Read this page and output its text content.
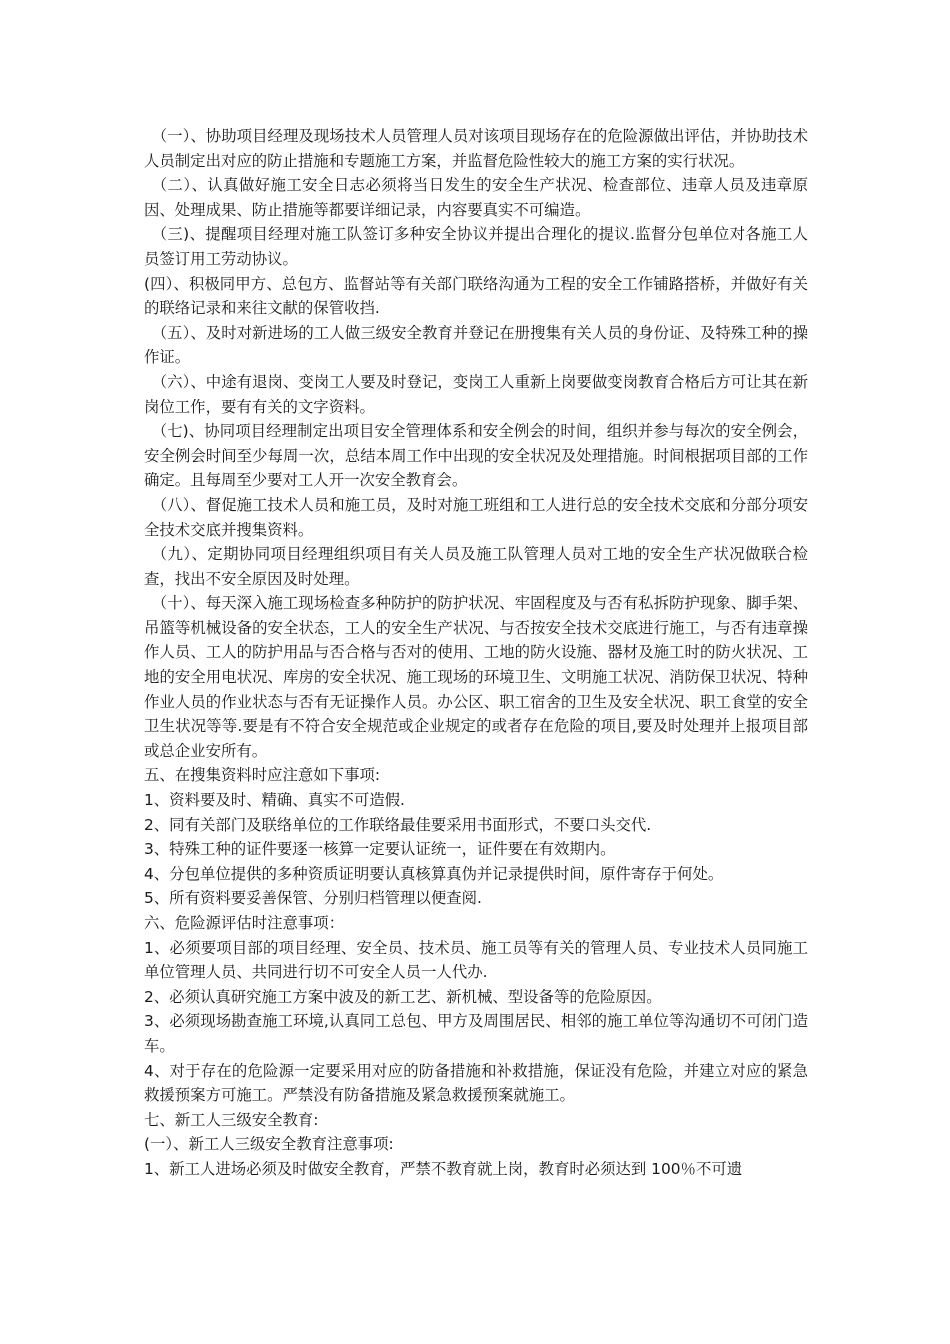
（一）、协助项目经理及现场技术人员管理人员对该项目现场存在的危险源做出评估，并协助技术人员制定出对应的防止措施和专题施工方案，并监督危险性较大的施工方案的实行状况。

（二）、认真做好施工安全日志必须将当日发生的安全生产状况、检查部位、违章人员及违章原因、处理成果、防止措施等都要详细记录，内容要真实不可编造。

（三)、提醒项目经理对施工队签订多种安全协议并提出合理化的提议.监督分包单位对各施工人员签订用工劳动协议。

(四）、积极同甲方、总包方、监督站等有关部门联络沟通为工程的安全工作铺路搭桥，并做好有关的联络记录和来往文献的保管收挡.

（五）、及时对新进场的工人做三级安全教育并登记在册搜集有关人员的身份证、及特殊工种的操作证。

（六）、中途有退岗、变岗工人要及时登记，变岗工人重新上岗要做变岗教育合格后方可让其在新岗位工作，要有有关的文字资料。

（七)、协同项目经理制定出项目安全管理体系和安全例会的时间，组织并参与每次的安全例会，安全例会时间至少每周一次，总结本周工作中出现的安全状况及处理措施。时间根据项目部的工作确定。且每周至少要对工人开一次安全教育会。

（八）、督促施工技术人员和施工员，及时对施工班组和工人进行总的安全技术交底和分部分项安全技术交底并搜集资料。

（九）、定期协同项目经理组织项目有关人员及施工队管理人员对工地的安全生产状况做联合检查，找出不安全原因及时处理。

（十）、每天深入施工现场检查多种防护的防护状况、牢固程度及与否有私拆防护现象、脚手架、吊篮等机械设备的安全状态，工人的安全生产状况、与否按安全技术交底进行施工，与否有违章操作人员、工人的防护用品与否合格与否对的使用、工地的防火设施、器材及施工时的防火状况、工地的安全用电状况、库房的安全状况、施工现场的环境卫生、文明施工状况、消防保卫状况、特种作业人员的作业状态与否有无证操作人员。办公区、职工宿舍的卫生及安全状况、职工食堂的安全卫生状况等等.要是有不符合安全规范或企业规定的或者存在危险的项目,要及时处理并上报项目部或总企业安所有。

五、在搜集资料时应注意如下事项:

1、资料要及时、精确、真实不可造假.

2、同有关部门及联络单位的工作联络最佳要采用书面形式，不要口头交代.

3、特殊工种的证件要逐一核算一定要认证统一，证件要在有效期内。

4、分包单位提供的多种资质证明要认真核算真伪并记录提供时间，原件寄存于何处。

5、所有资料要妥善保管、分别归档管理以便查阅.

六、危险源评估时注意事项：

1、必须要项目部的项目经理、安全员、技术员、施工员等有关的管理人员、专业技术人员同施工单位管理人员、共同进行切不可安全人员一人代办.

2、必须认真研究施工方案中波及的新工艺、新机械、型设备等的危险原因。

3、必须现场勘查施工环境,认真同工总包、甲方及周围居民、相邻的施工单位等沟通切不可闭门造车。

4、对于存在的危险源一定要采用对应的防备措施和补救措施，保证没有危险，并建立对应的紧急救援预案方可施工。严禁没有防备措施及紧急救援预案就施工。

七、新工人三级安全教育:

(一）、新工人三级安全教育注意事项:

1、新工人进场必须及时做安全教育，严禁不教育就上岗，教育时必须达到 100％不可遗
